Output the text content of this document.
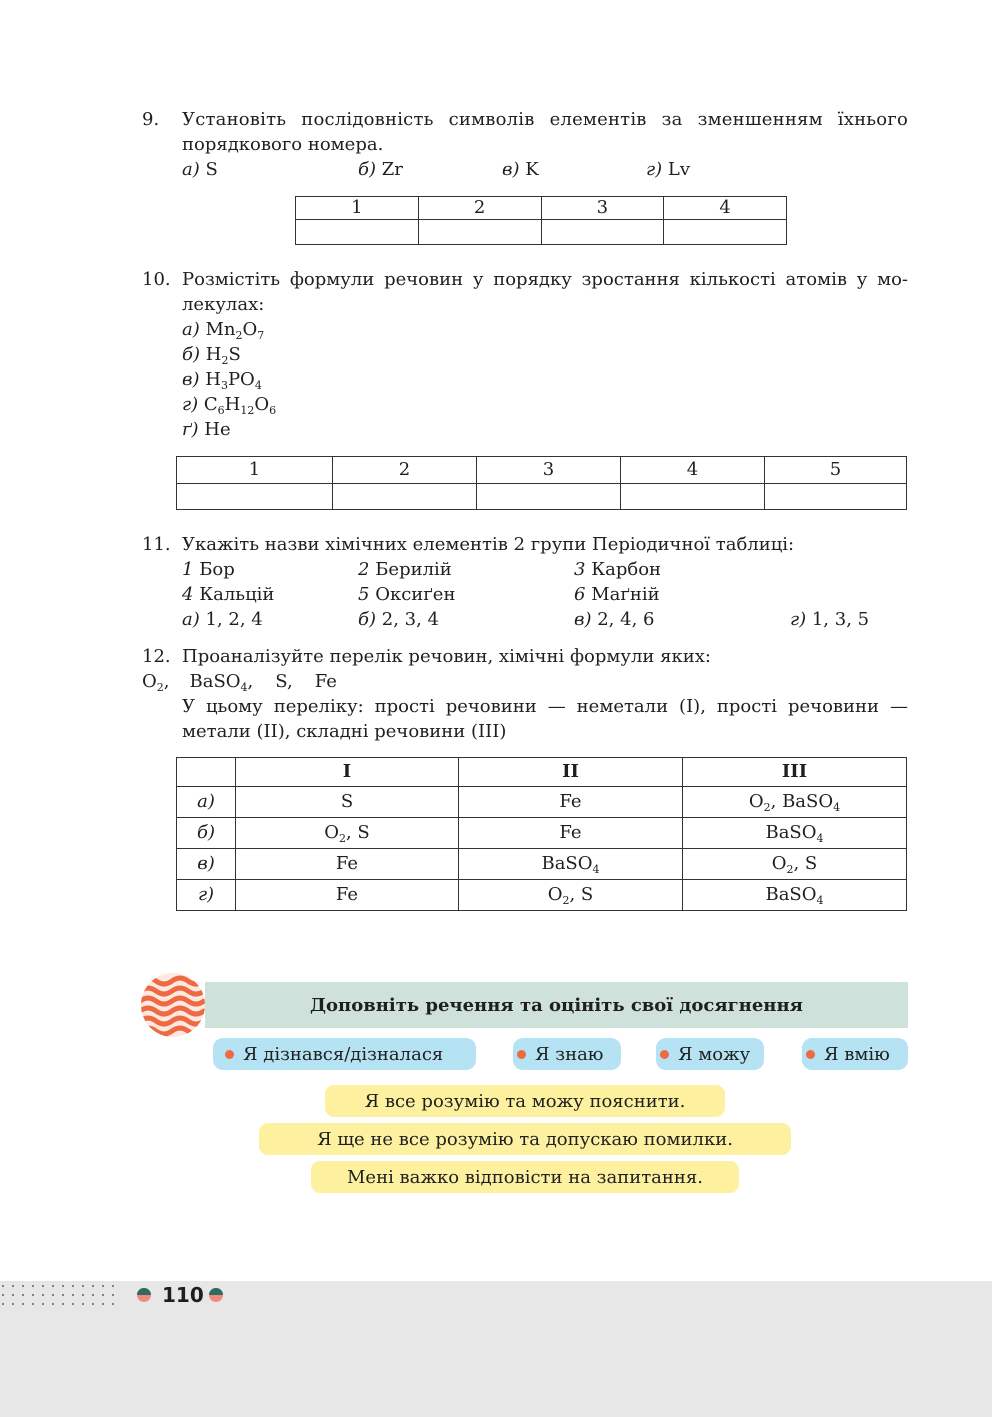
9. Установіть послідовність символів елементів за зменшенням їхнього
порядкового номера.
а) S	б) Zr	в) K	г) Lv
1	2	3	4

10. Розмістіть формули речовин у порядку зростання кількості атомів у мо-
лекулах:
а) $Mn_2O_7$
б) $H_2S$
в) $H_3PO_4$
г) $C_6H_{12}O_6$
ґ) He
1	2	3	4	5

11. Укажіть назви хімічних елементів 2 групи Періодичної таблиці:
1 Бор	2 Берилій	3 Карбон
4 Кальцій	5 Оксиґен	6 Маґній
а) 1, 2, 4	б) 2, 3, 4	в) 2, 4, 6	г) 1, 3, 5
12. Проаналізуйте перелік речовин, хімічні формули яких:
$O_2$, BaSO$_4$, S, Fe
У цьому переліку: прості речовини — неметали (I), прості речовини —
метали (II), складні речовини (III)
	I	II	III
а)	S	Fe	$O_2$, BaSO$_4$
б)	$O_2$, S	Fe	BaSO$_4$
в)	Fe	BaSO$_4$	$O_2$, S
г)	Fe	$O_2$, S	BaSO$_4$
Доповніть речення та оцініть свої досягнення
Я дізнався/дізналася	Я знаю	Я можу	Я вмію
Я все розумію та можу пояснити.
Я ще не все розумію та допускаю помилки.
Мені важко відповісти на запитання.
110
